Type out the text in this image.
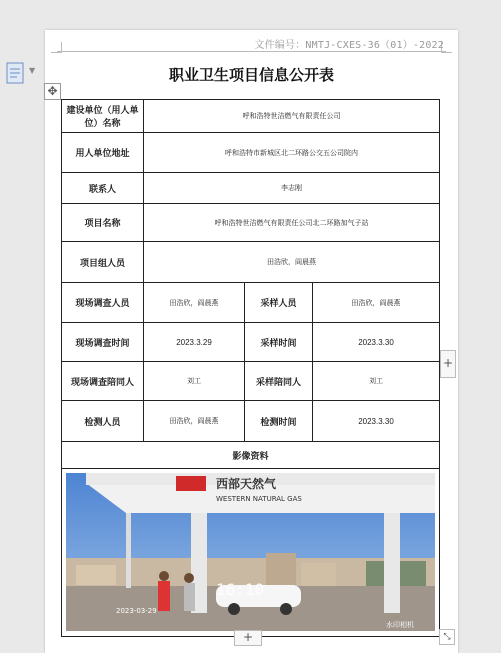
文件编号：NMTJ-CXES-36（01）-2022
▼
✥
职业卫生项目信息公开表
建设单位（用人单位）名称	呼和浩特世洁燃气有限责任公司		
用人单位地址	呼和浩特市新城区北二环路公交五公司院内		
联系人	李志刚		
项目名称	呼和浩特世洁燃气有限责任公司北二环路加气子站		
项目组人员	田浩欣，阎晨燕		
现场调查人员	田浩欣，阎晨燕	采样人员	田浩欣，阎晨燕
现场调查时间	2023.3.29	采样时间	2023.3.30
现场调查陪同人	刘工	采样陪同人	刘工
检测人员	田浩欣，阎晨燕	检测时间	2023.3.30
影像资料			

西部天然气
WESTERN NATURAL GAS
16:10
2023-03-29
水印相机			
+
+	⤡
